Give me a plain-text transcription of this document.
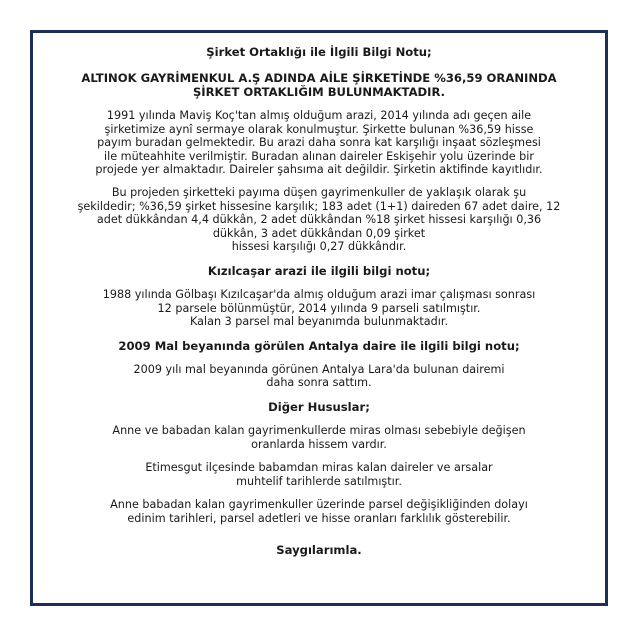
Şirket Ortaklığı ile İlgili Bilgi Notu;

ALTINOK GAYRİMENKUL A.Ş ADINDA AİLE ŞİRKETİNDE %36,59 ORANINDA
ŞİRKET ORTAKLIĞIM BULUNMAKTADIR.

1991 yılında Maviş Koç'tan almış olduğum arazi, 2014 yılında adı geçen aile
şirketimize aynî sermaye olarak konulmuştur. Şirkette bulunan %36,59 hisse
payım buradan gelmektedir. Bu arazi daha sonra kat karşılığı inşaat sözleşmesi
ile müteahhite verilmiştir. Buradan alınan daireler Eskişehir yolu üzerinde bir
projede yer almaktadır. Daireler şahsıma ait değildir. Şirketin aktifinde kayıtlıdır.

Bu projeden şirketteki payıma düşen gayrimenkuller de yaklaşık olarak şu
şekildedir; %36,59 şirket hissesine karşılık; 183 adet (1+1) daireden 67 adet daire, 12
adet dükkândan 4,4 dükkân, 2 adet dükkândan %18 şirket hissesi karşılığı 0,36
dükkân, 3 adet dükkândan 0,09 şirket
hissesi karşılığı 0,27 dükkândır.

Kızılcaşar arazi ile ilgili bilgi notu;

1988 yılında Gölbaşı Kızılcaşar'da almış olduğum arazi imar çalışması sonrası
12 parsele bölünmüştür, 2014 yılında 9 parseli satılmıştır.
Kalan 3 parsel mal beyanımda bulunmaktadır.

2009 Mal beyanında görülen Antalya daire ile ilgili bilgi notu;

2009 yılı mal beyanında görünen Antalya Lara'da bulunan dairemi
daha sonra sattım.

Diğer Hususlar;

Anne ve babadan kalan gayrimenkullerde miras olması sebebiyle değişen
oranlarda hissem vardır.

Etimesgut ilçesinde babamdan miras kalan daireler ve arsalar
muhtelif tarihlerde satılmıştır.

Anne babadan kalan gayrimenkuller üzerinde parsel değişikliğinden dolayı
edinim tarihleri, parsel adetleri ve hisse oranları farklılık gösterebilir.

Saygılarımla.
